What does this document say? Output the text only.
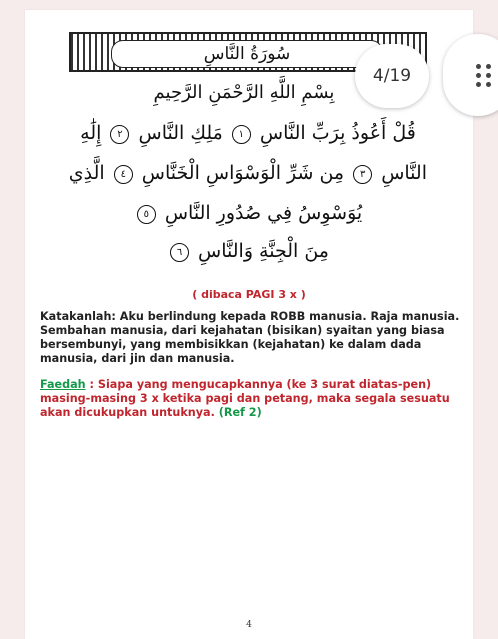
سُورَةُ النَّاسِ
بِسْمِ اللَّهِ الرَّحْمَنِ الرَّحِيمِ
قُلْ أَعُوذُ بِرَبِّ النَّاسِ ١ مَلِكِ النَّاسِ ٢ إِلَٰهِ
النَّاسِ ٣ مِن شَرِّ الْوَسْوَاسِ الْخَنَّاسِ ٤ الَّذِي
يُوَسْوِسُ فِي صُدُورِ النَّاسِ ٥
مِنَ الْجِنَّةِ وَالنَّاسِ ٦
( dibaca PAGI 3 x )

Katakanlah: Aku berlindung kepada ROBB manusia. Raja manusia. Sembahan manusia, dari kejahatan (bisikan) syaitan yang biasa bersembunyi, yang membisikkan (kejahatan) ke dalam dada manusia, dari jin dan manusia.

Faedah : Siapa yang mengucapkannya (ke 3 surat diatas-pen) masing-masing 3 x ketika pagi dan petang, maka segala sesuatu akan dicukupkan untuknya. (Ref 2)

4
4/19
